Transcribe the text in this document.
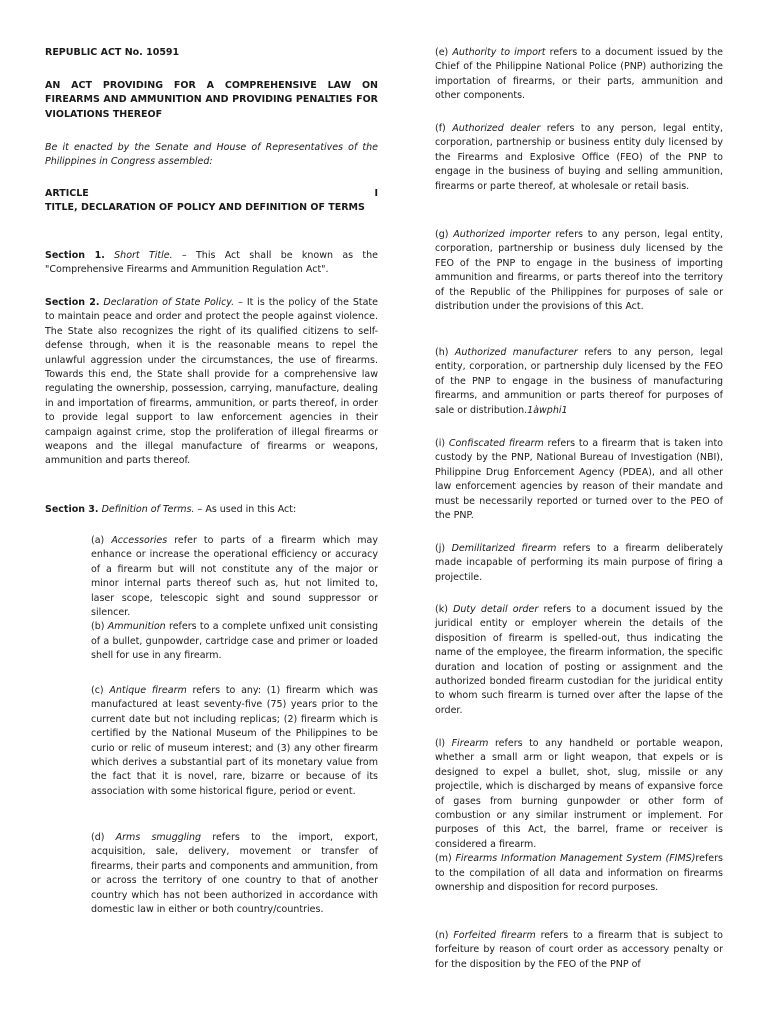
REPUBLIC ACT No. 10591

AN ACT PROVIDING FOR A COMPREHENSIVE LAW ON FIREARMS AND AMMUNITION AND PROVIDING PENALTIES FOR VIOLATIONS THEREOF

Be it enacted by the Senate and House of Representatives of the Philippines in Congress assembled:

ARTICLE	I

TITLE, DECLARATION OF POLICY AND DEFINITION OF TERMS

Section 1. Short Title. – This Act shall be known as the "Comprehensive Firearms and Ammunition Regulation Act".

Section 2. Declaration of State Policy. – It is the policy of the State to maintain peace and order and protect the people against violence. The State also recognizes the right of its qualified citizens to self-defense through, when it is the reasonable means to repel the unlawful aggression under the circumstances, the use of firearms. Towards this end, the State shall provide for a comprehensive law regulating the ownership, possession, carrying, manufacture, dealing in and importation of firearms, ammunition, or parts thereof, in order to provide legal support to law enforcement agencies in their campaign against crime, stop the proliferation of illegal firearms or weapons and the illegal manufacture of firearms or weapons, ammunition and parts thereof.

Section 3. Definition of Terms. – As used in this Act:

(a) Accessories refer to parts of a firearm which may enhance or increase the operational efficiency or accuracy of a firearm but will not constitute any of the major or minor internal parts thereof such as, hut not limited to, laser scope, telescopic sight and sound suppressor or silencer.

(b) Ammunition refers to a complete unfixed unit consisting of a bullet, gunpowder, cartridge case and primer or loaded shell for use in any firearm.

(c) Antique firearm refers to any: (1) firearm which was manufactured at least seventy-five (75) years prior to the current date but not including replicas; (2) firearm which is certified by the National Museum of the Philippines to be curio or relic of museum interest; and (3) any other firearm which derives a substantial part of its monetary value from the fact that it is novel, rare, bizarre or because of its association with some historical figure, period or event.

(d) Arms smuggling refers to the import, export, acquisition, sale, delivery, movement or transfer of firearms, their parts and components and ammunition, from or across the territory of one country to that of another country which has not been authorized in accordance with domestic law in either or both country/countries.

(e) Authority to import refers to a document issued by the Chief of the Philippine National Police (PNP) authorizing the importation of firearms, or their parts, ammunition and other components.

(f) Authorized dealer refers to any person, legal entity, corporation, partnership or business entity duly licensed by the Firearms and Explosive Office (FEO) of the PNP to engage in the business of buying and selling ammunition, firearms or parte thereof, at wholesale or retail basis.

(g) Authorized importer refers to any person, legal entity, corporation, partnership or business duly licensed by the FEO of the PNP to engage in the business of importing ammunition and firearms, or parts thereof into the territory of the Republic of the Philippines for purposes of sale or distribution under the provisions of this Act.

(h) Authorized manufacturer refers to any person, legal entity, corporation, or partnership duly licensed by the FEO of the PNP to engage in the business of manufacturing firearms, and ammunition or parts thereof for purposes of sale or distribution.1àwphi1

(i) Confiscated firearm refers to a firearm that is taken into custody by the PNP, National Bureau of Investigation (NBI), Philippine Drug Enforcement Agency (PDEA), and all other law enforcement agencies by reason of their mandate and must be necessarily reported or turned over to the PEO of the PNP.

(j) Demilitarized firearm refers to a firearm deliberately made incapable of performing its main purpose of firing a projectile.

(k) Duty detail order refers to a document issued by the juridical entity or employer wherein the details of the disposition of firearm is spelled-out, thus indicating the name of the employee, the firearm information, the specific duration and location of posting or assignment and the authorized bonded firearm custodian for the juridical entity to whom such firearm is turned over after the lapse of the order.

(l) Firearm refers to any handheld or portable weapon, whether a small arm or light weapon, that expels or is designed to expel a bullet, shot, slug, missile or any projectile, which is discharged by means of expansive force of gases from burning gunpowder or other form of combustion or any similar instrument or implement. For purposes of this Act, the barrel, frame or receiver is considered a firearm.

(m) Firearms Information Management System (FIMS)refers to the compilation of all data and information on firearms ownership and disposition for record purposes.

(n) Forfeited firearm refers to a firearm that is subject to forfeiture by reason of court order as accessory penalty or for the disposition by the FEO of the PNP of
